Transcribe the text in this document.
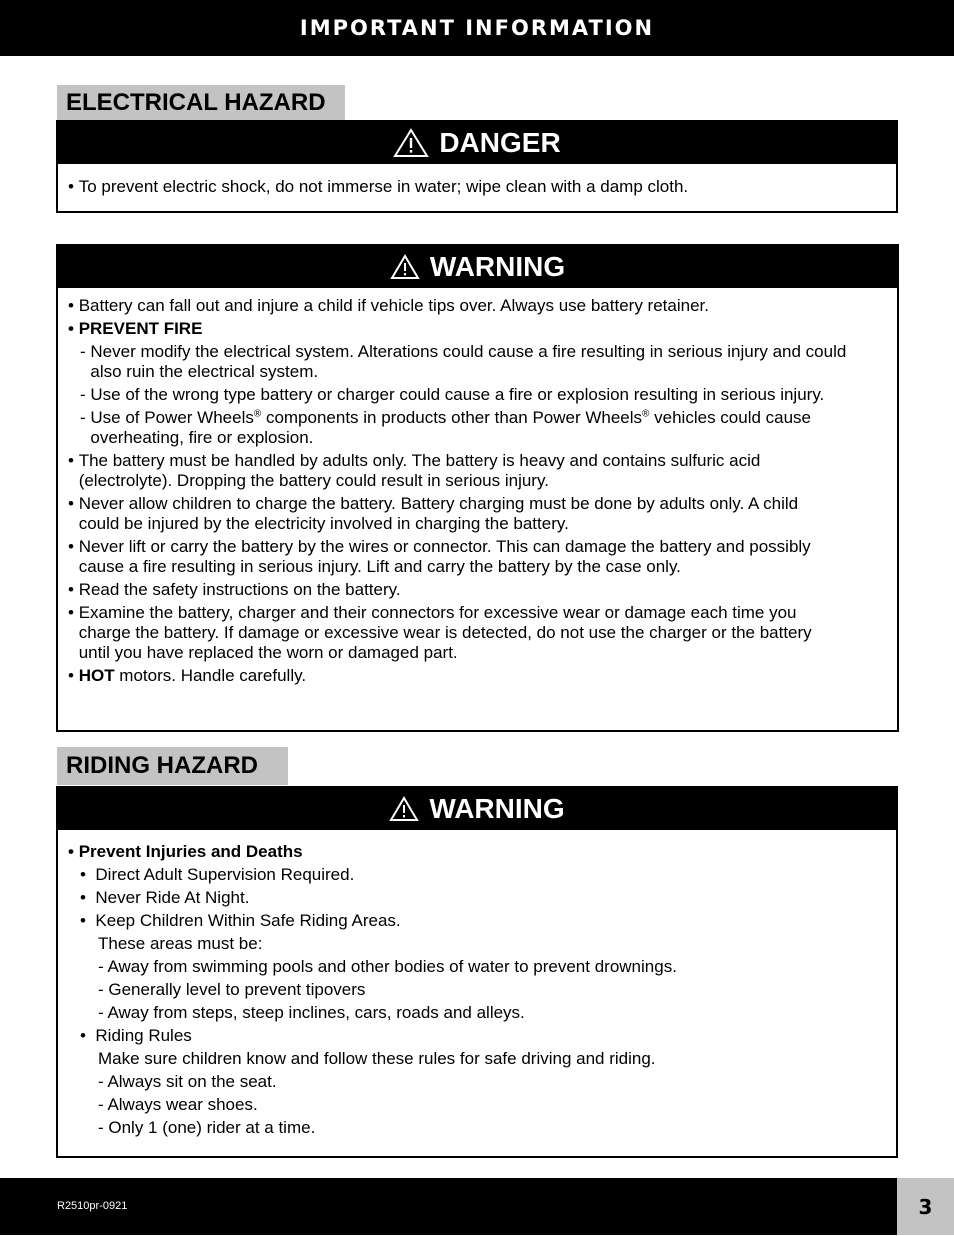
IMPORTANT INFORMATION
ELECTRICAL HAZARD
DANGER
• To prevent electric shock, do not immerse in water; wipe clean with a damp cloth.
WARNING
• Battery can fall out and injure a child if vehicle tips over. Always use battery retainer.
• PREVENT FIRE
- Never modify the electrical system. Alterations could cause a fire resulting in serious injury and could also ruin the electrical system.
- Use of the wrong type battery or charger could cause a fire or explosion resulting in serious injury.
- Use of Power Wheels® components in products other than Power Wheels® vehicles could cause overheating, fire or explosion.
• The battery must be handled by adults only. The battery is heavy and contains sulfuric acid (electrolyte). Dropping the battery could result in serious injury.
• Never allow children to charge the battery. Battery charging must be done by adults only. A child could be injured by the electricity involved in charging the battery.
• Never lift or carry the battery by the wires or connector. This can damage the battery and possibly cause a fire resulting in serious injury. Lift and carry the battery by the case only.
• Read the safety instructions on the battery.
• Examine the battery, charger and their connectors for excessive wear or damage each time you charge the battery. If damage or excessive wear is detected, do not use the charger or the battery until you have replaced the worn or damaged part.
• HOT motors. Handle carefully.
RIDING HAZARD
WARNING
• Prevent Injuries and Deaths
• Direct Adult Supervision Required.
• Never Ride At Night.
• Keep Children Within Safe Riding Areas.
These areas must be:
- Away from swimming pools and other bodies of water to prevent drownings.
- Generally level to prevent tipovers
- Away from steps, steep inclines, cars, roads and alleys.
• Riding Rules
Make sure children know and follow these rules for safe driving and riding.
- Always sit on the seat.
- Always wear shoes.
- Only 1 (one) rider at a time.
R2510pr-0921	3
